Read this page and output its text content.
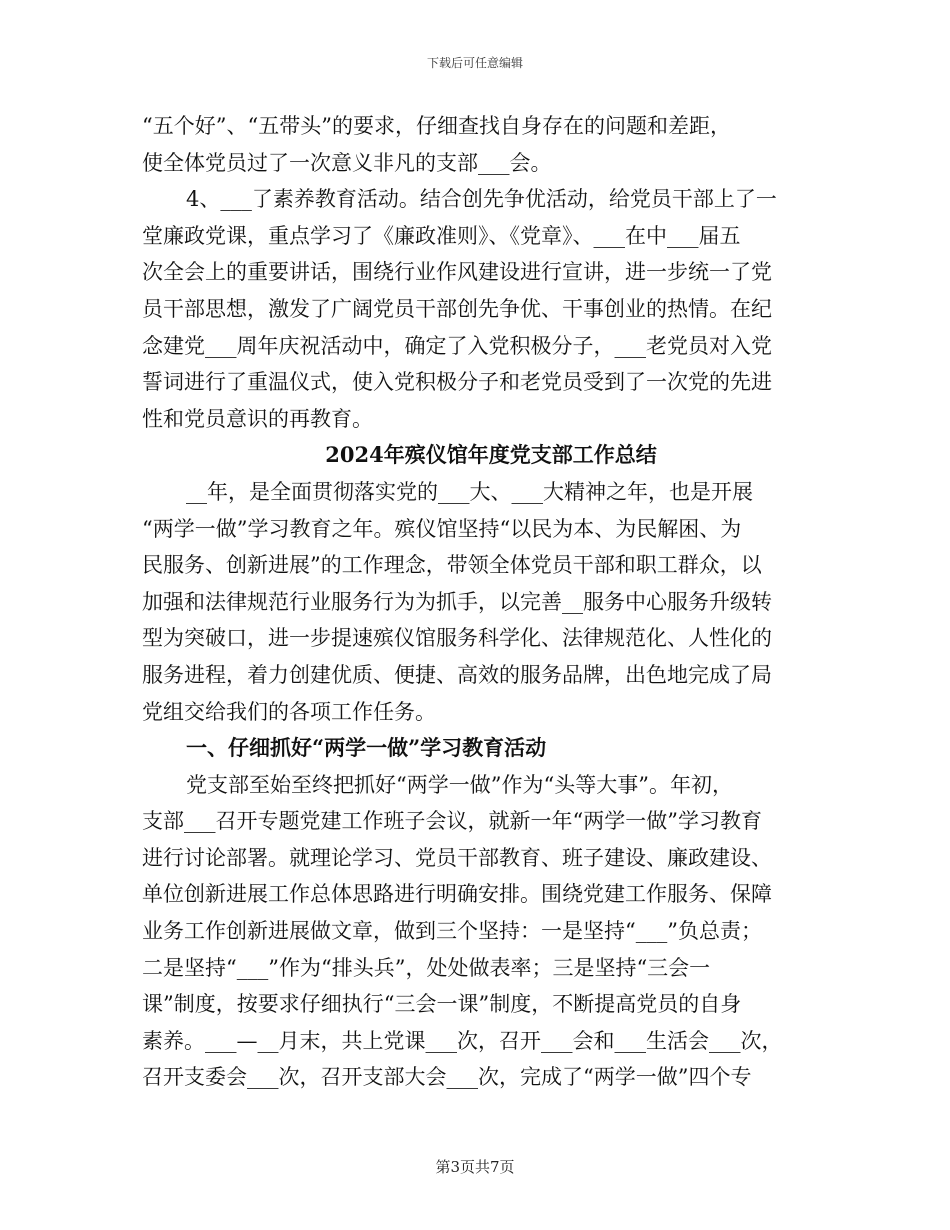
下载后可任意编辑
“五个好”、“五带头”的要求，仔细查找自身存在的问题和差距，
使全体党员过了一次意义非凡的支部___会。
4、___了素养教育活动。结合创先争优活动，给党员干部上了一
堂廉政党课，重点学习了《廉政准则》、《党章》、___在中___届五
次全会上的重要讲话，围绕行业作风建设进行宣讲，进一步统一了党
员干部思想，激发了广阔党员干部创先争优、干事创业的热情。在纪
念建党___周年庆祝活动中，确定了入党积极分子，___老党员对入党
誓词进行了重温仪式，使入党积极分子和老党员受到了一次党的先进
性和党员意识的再教育。
2024年殡仪馆年度党支部工作总结
__年，是全面贯彻落实党的___大、___大精神之年，也是开展
“两学一做”学习教育之年。殡仪馆坚持“以民为本、为民解困、为
民服务、创新进展”的工作理念，带领全体党员干部和职工群众，以
加强和法律规范行业服务行为为抓手，以完善__服务中心服务升级转
型为突破口，进一步提速殡仪馆服务科学化、法律规范化、人性化的
服务进程，着力创建优质、便捷、高效的服务品牌，出色地完成了局
党组交给我们的各项工作任务。
一、仔细抓好“两学一做”学习教育活动
党支部至始至终把抓好“两学一做”作为“头等大事”。年初，
支部___召开专题党建工作班子会议，就新一年“两学一做”学习教育
进行讨论部署。就理论学习、党员干部教育、班子建设、廉政建设、
单位创新进展工作总体思路进行明确安排。围绕党建工作服务、保障
业务工作创新进展做文章，做到三个坚持：一是坚持“___”负总责；
二是坚持“___”作为“排头兵”，处处做表率；三是坚持“三会一
课”制度，按要求仔细执行“三会一课”制度，不断提高党员的自身
素养。___—__月末，共上党课___次，召开___会和___生活会___次，
召开支委会___次，召开支部大会___次，完成了“两学一做”四个专
第3页共7页
